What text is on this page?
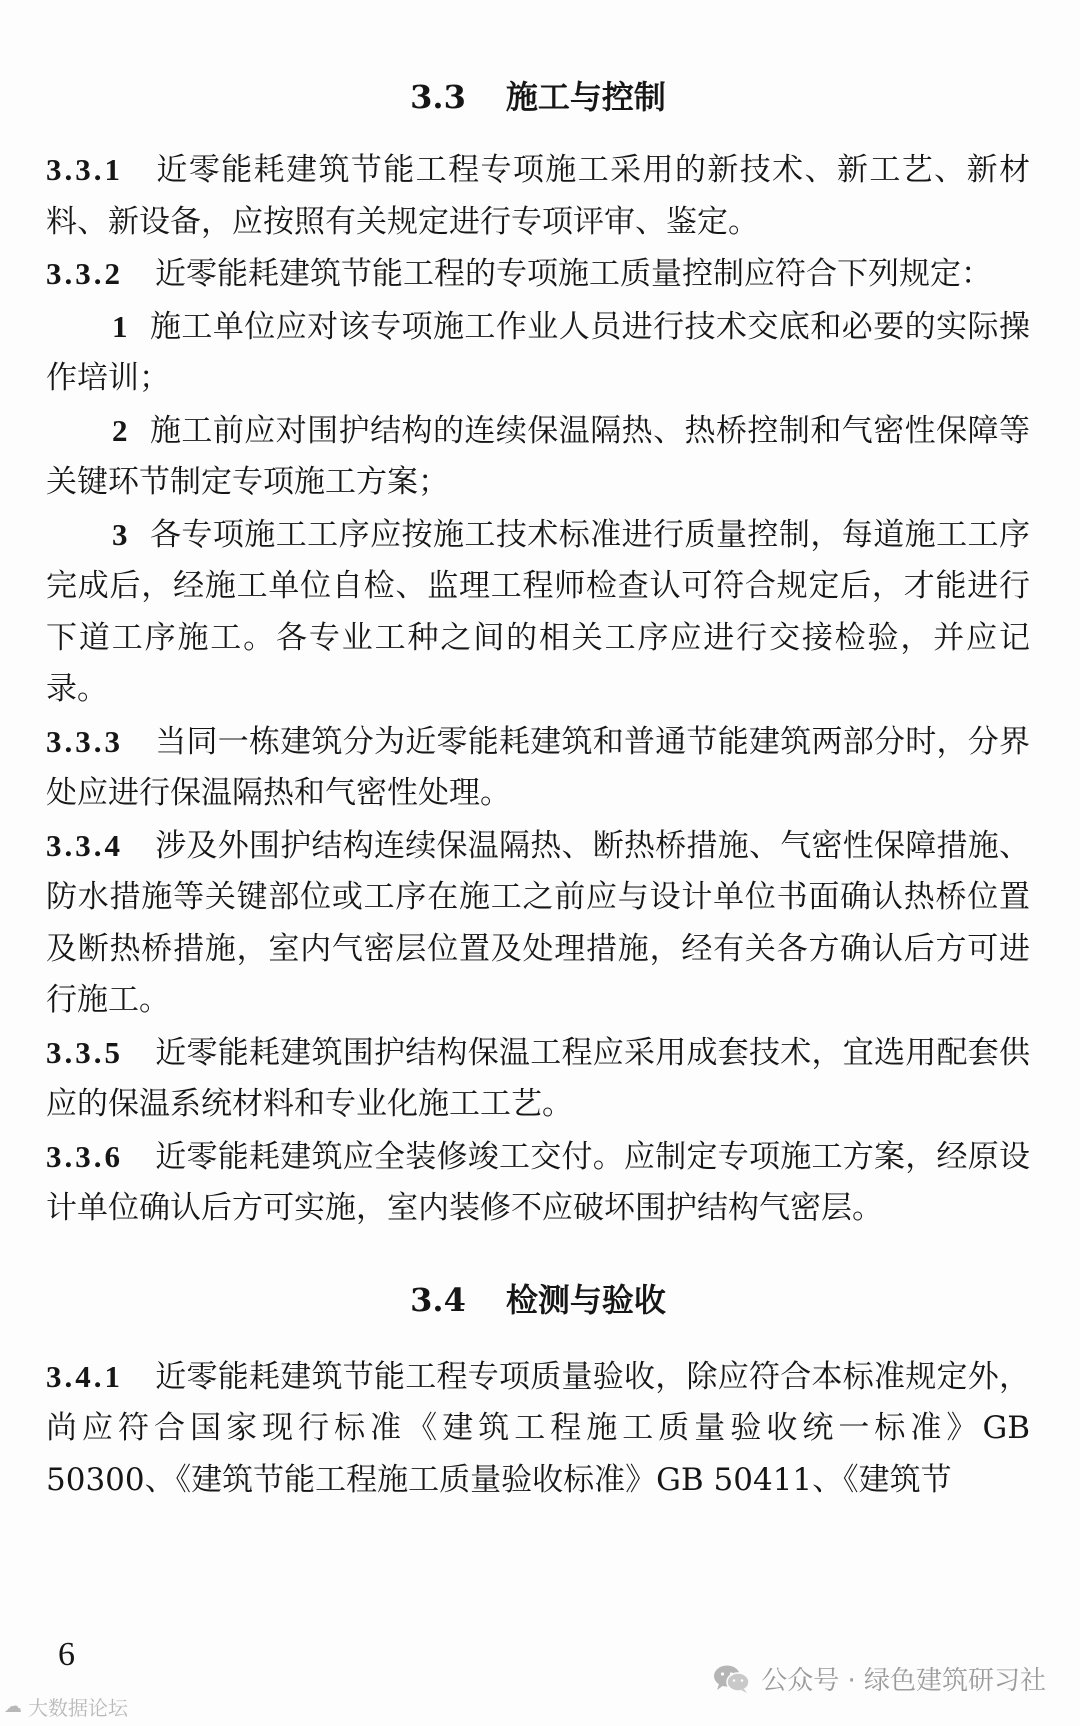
3.3 施工与控制

3.3.1 近零能耗建筑节能工程专项施工采用的新技术、新工艺、新材料、新设备，应按照有关规定进行专项评审、鉴定。

3.3.2 近零能耗建筑节能工程的专项施工质量控制应符合下列规定：

1 施工单位应对该专项施工作业人员进行技术交底和必要的实际操作培训；

2 施工前应对围护结构的连续保温隔热、热桥控制和气密性保障等关键环节制定专项施工方案；

3 各专项施工工序应按施工技术标准进行质量控制，每道施工工序完成后，经施工单位自检、监理工程师检查认可符合规定后，才能进行下道工序施工。各专业工种之间的相关工序应进行交接检验，并应记录。

3.3.3 当同一栋建筑分为近零能耗建筑和普通节能建筑两部分时，分界处应进行保温隔热和气密性处理。

3.3.4 涉及外围护结构连续保温隔热、断热桥措施、气密性保障措施、防水措施等关键部位或工序在施工之前应与设计单位书面确认热桥位置及断热桥措施，室内气密层位置及处理措施，经有关各方确认后方可进行施工。

3.3.5 近零能耗建筑围护结构保温工程应采用成套技术，宜选用配套供应的保温系统材料和专业化施工工艺。

3.3.6 近零能耗建筑应全装修竣工交付。应制定专项施工方案，经原设计单位确认后方可实施，室内装修不应破坏围护结构气密层。

3.4 检测与验收

3.4.1 近零能耗建筑节能工程专项质量验收，除应符合本标准规定外，尚应符合国家现行标准《建筑工程施工质量验收统一标准》GB 50300、《建筑节能工程施工质量验收标准》GB 50411、《建筑节

6
公众号 · 绿色建筑研习社
☁ 大数据论坛
